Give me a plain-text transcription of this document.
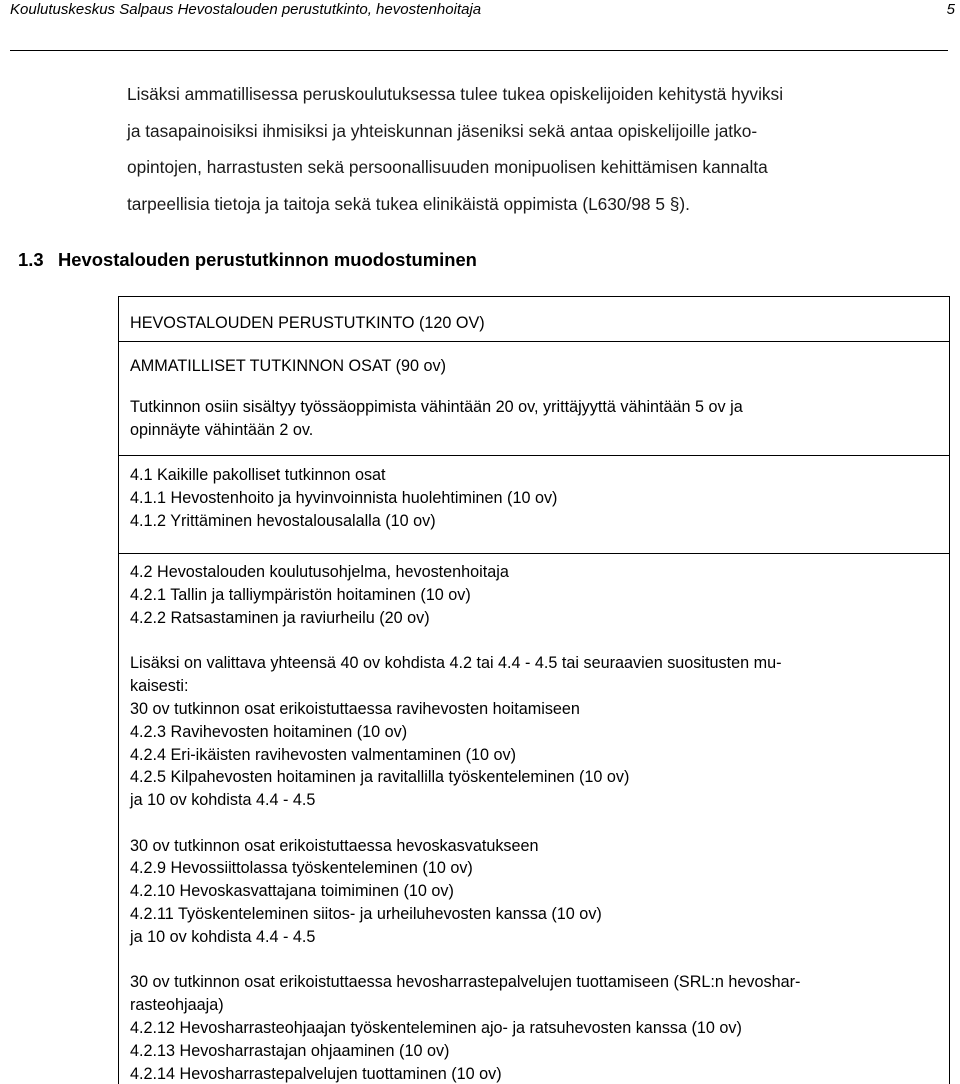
Koulutuskeskus Salpaus Hevostalouden perustutkinto, hevostenhoitaja	5

Lisäksi ammatillisessa peruskoulutuksessa tulee tukea opiskelijoiden kehitystä hyviksi

ja tasapainoisiksi ihmisiksi ja yhteiskunnan jäseniksi sekä antaa opiskelijoille jatko-

opintojen, harrastusten sekä persoonallisuuden monipuolisen kehittämisen kannalta

tarpeellisia tietoja ja taitoja sekä tukea elinikäistä oppimista (L630/98 5 §).

1.3 Hevostalouden perustutkinnon muodostuminen
HEVOSTALOUDEN PERUSTUTKINTO (120 OV)
AMMATILLISET TUTKINNON OSAT (90 ov)
Tutkinnon osiin sisältyy työssäoppimista vähintään 20 ov, yrittäjyyttä vähintään 5 ov ja
opinnäyte vähintään 2 ov.
4.1 Kaikille pakolliset tutkinnon osat
4.1.1 Hevostenhoito ja hyvinvoinnista huolehtiminen (10 ov)
4.1.2 Yrittäminen hevostalousalalla (10 ov)
4.2 Hevostalouden koulutusohjelma, hevostenhoitaja
4.2.1 Tallin ja talliympäristön hoitaminen (10 ov)
4.2.2 Ratsastaminen ja raviurheilu (20 ov)
Lisäksi on valittava yhteensä 40 ov kohdista 4.2 tai 4.4 - 4.5 tai seuraavien suositusten mu-
kaisesti:
30 ov tutkinnon osat erikoistuttaessa ravihevosten hoitamiseen
4.2.3 Ravihevosten hoitaminen (10 ov)
4.2.4 Eri-ikäisten ravihevosten valmentaminen (10 ov)
4.2.5 Kilpahevosten hoitaminen ja ravitallilla työskenteleminen (10 ov)
ja 10 ov kohdista 4.4 - 4.5
30 ov tutkinnon osat erikoistuttaessa hevoskasvatukseen
4.2.9 Hevossiittolassa työskenteleminen (10 ov)
4.2.10 Hevoskasvattajana toimiminen (10 ov)
4.2.11 Työskenteleminen siitos- ja urheiluhevosten kanssa (10 ov)
ja 10 ov kohdista 4.4 - 4.5
30 ov tutkinnon osat erikoistuttaessa hevosharrastepalvelujen tuottamiseen (SRL:n hevoshar-
rasteohjaaja)
4.2.12 Hevosharrasteohjaajan työskenteleminen ajo- ja ratsuhevosten kanssa (10 ov)
4.2.13 Hevosharrastajan ohjaaminen (10 ov)
4.2.14 Hevosharrastepalvelujen tuottaminen (10 ov)
